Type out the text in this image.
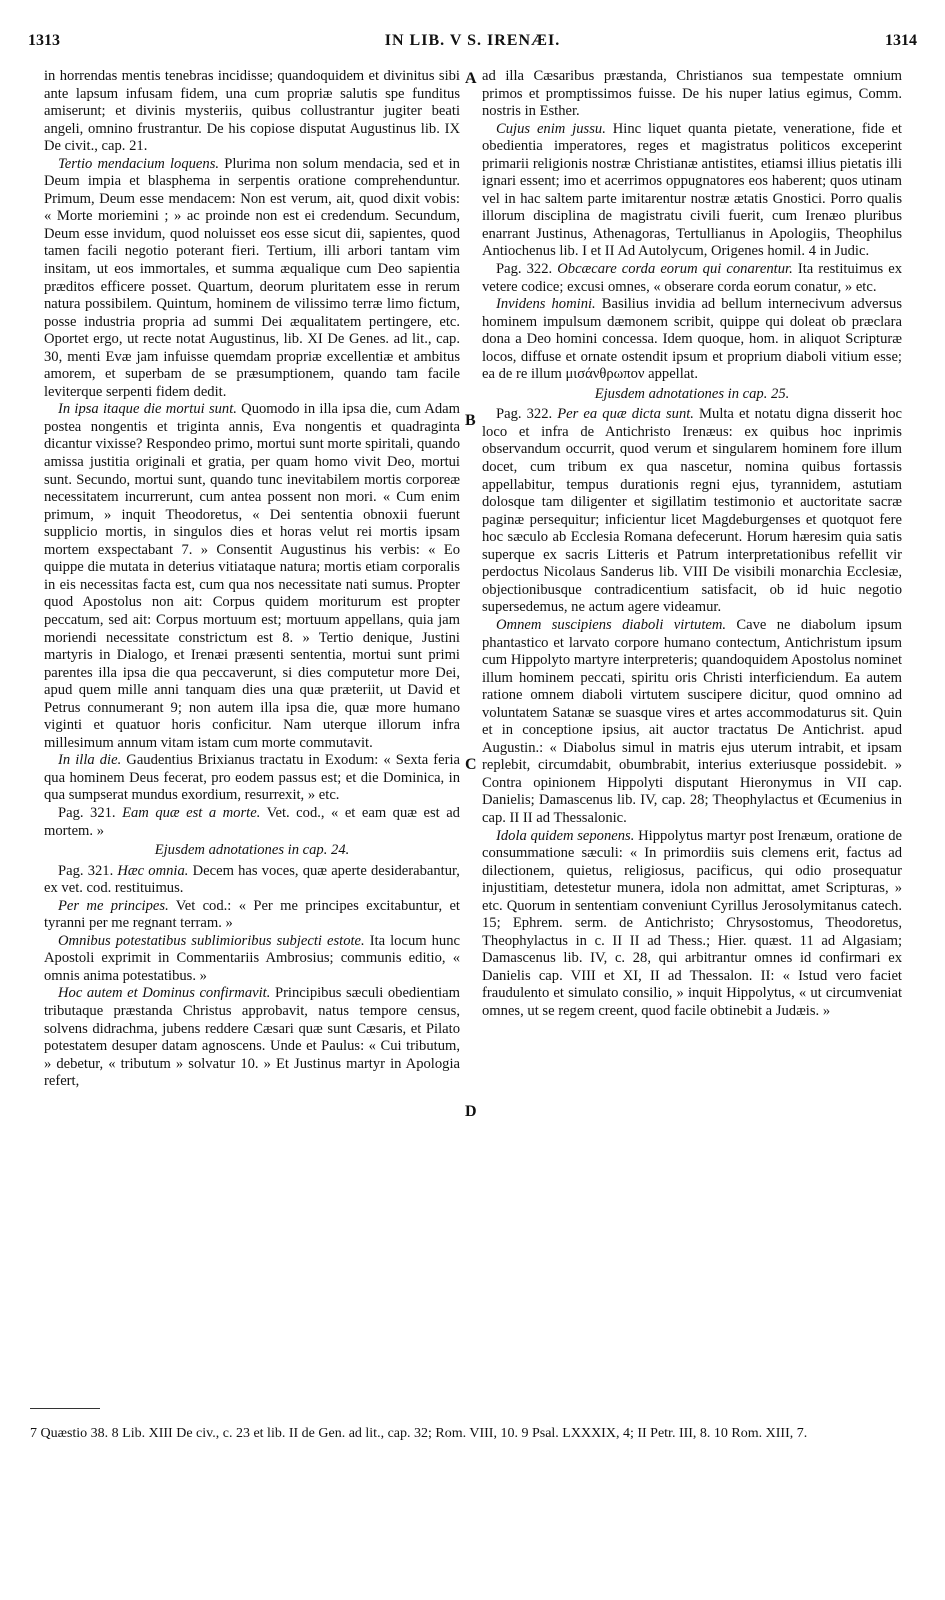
1313	IN LIB. V S. IRENÆI.	1314
A
B
C
D

in horrendas mentis tenebras incidisse; quandoquidem et divinitus sibi ante lapsum infusam fidem, una cum propriæ salutis spe funditus amiserunt; et divinis mysteriis, quibus collustrantur jugiter beati angeli, omnino frustrantur. De his copiose disputat Augustinus lib. IX De civit., cap. 21.

Tertio mendacium loquens. Plurima non solum mendacia, sed et in Deum impia et blasphema in serpentis oratione comprehenduntur. Primum, Deum esse mendacem: Non est verum, ait, quod dixit vobis: « Morte moriemini ; » ac proinde non est ei credendum. Secundum, Deum esse invidum, quod noluisset eos esse sicut dii, sapientes, quod tamen facili negotio poterant fieri. Tertium, illi arbori tantam vim insitam, ut eos immortales, et summa æqualique cum Deo sapientia præditos efficere posset. Quartum, deorum pluritatem esse in rerum natura possibilem. Quintum, hominem de vilissimo terræ limo fictum, posse industria propria ad summi Dei æqualitatem pertingere, etc. Oportet ergo, ut recte notat Augustinus, lib. XI De Genes. ad lit., cap. 30, menti Evæ jam infuisse quemdam propriæ excellentiæ et ambitus amorem, et superbam de se præsumptionem, quando tam facile leviterque serpenti fidem dedit.

In ipsa itaque die mortui sunt. Quomodo in illa ipsa die, cum Adam postea nongentis et triginta annis, Eva nongentis et quadraginta dicantur vixisse? Respondeo primo, mortui sunt morte spiritali, quando amissa justitia originali et gratia, per quam homo vivit Deo, mortui sunt. Secundo, mortui sunt, quando tunc inevitabilem mortis corporeæ necessitatem incurrerunt, cum antea possent non mori. « Cum enim primum, » inquit Theodoretus, « Dei sententia obnoxii fuerunt supplicio mortis, in singulos dies et horas velut rei mortis ipsam mortem exspectabant 7. » Consentit Augustinus his verbis: « Eo quippe die mutata in deterius vitiataque natura; mortis etiam corporalis in eis necessitas facta est, cum qua nos necessitate nati sumus. Propter quod Apostolus non ait: Corpus quidem moriturum est propter peccatum, sed ait: Corpus mortuum est; mortuum appellans, quia jam moriendi necessitate constrictum est 8. » Tertio denique, Justini martyris in Dialogo, et Irenæi præsenti sententia, mortui sunt primi parentes illa ipsa die qua peccaverunt, si dies computetur more Dei, apud quem mille anni tanquam dies una quæ præteriit, ut David et Petrus connumerant 9; non autem illa ipsa die, quæ more humano viginti et quatuor horis conficitur. Nam uterque illorum infra millesimum annum vitam istam cum morte commutavit.

In illa die. Gaudentius Brixianus tractatu in Exodum: « Sexta feria qua hominem Deus fecerat, pro eodem passus est; et die Dominica, in qua sumpserat mundus exordium, resurrexit, » etc.

Pag. 321. Eam quæ est a morte. Vet. cod., « et eam quæ est ad mortem. »

Ejusdem adnotationes in cap. 24.

Pag. 321. Hæc omnia. Decem has voces, quæ aperte desiderabantur, ex vet. cod. restituimus.

Per me principes. Vet cod.: « Per me principes excitabuntur, et tyranni per me regnant terram. »

Omnibus potestatibus sublimioribus subjecti estote. Ita locum hunc Apostoli exprimit in Commentariis Ambrosius; communis editio, « omnis anima potestatibus. »

Hoc autem et Dominus confirmavit. Principibus sæculi obedientiam tributaque præstanda Christus approbavit, natus tempore census, solvens didrachma, jubens reddere Cæsari quæ sunt Cæsaris, et Pilato potestatem desuper datam agnoscens. Unde et Paulus: « Cui tributum, » debetur, « tributum » solvatur 10. » Et Justinus martyr in Apologia refert,

ad illa Cæsaribus præstanda, Christianos sua tempestate omnium primos et promptissimos fuisse. De his nuper latius egimus, Comm. nostris in Esther.

Cujus enim jussu. Hinc liquet quanta pietate, veneratione, fide et obedientia imperatores, reges et magistratus politicos exceperint primarii religionis nostræ Christianæ antistites, etiamsi illius pietatis illi ignari essent; imo et acerrimos oppugnatores eos haberent; quos utinam vel in hac saltem parte imitarentur nostræ ætatis Gnostici. Porro qualis illorum disciplina de magistratu civili fuerit, cum Irenæo pluribus enarrant Justinus, Athenagoras, Tertullianus in Apologiis, Theophilus Antiochenus lib. I et II Ad Autolycum, Origenes homil. 4 in Judic.

Pag. 322. Obcæcare corda eorum qui conarentur. Ita restituimus ex vetere codice; excusi omnes, « obserare corda eorum conatur, » etc.

Invidens homini. Basilius invidia ad bellum internecivum adversus hominem impulsum dæmonem scribit, quippe qui doleat ob præclara dona a Deo homini concessa. Idem quoque, hom. in aliquot Scripturæ locos, diffuse et ornate ostendit ipsum et proprium diaboli vitium esse; ea de re illum μισάνθρωπον appellat.

Ejusdem adnotationes in cap. 25.

Pag. 322. Per ea quæ dicta sunt. Multa et notatu digna disserit hoc loco et infra de Antichristo Irenæus: ex quibus hoc inprimis observandum occurrit, quod verum et singularem hominem fore illum docet, cum tribum ex qua nascetur, nomina quibus fortassis appellabitur, tempus durationis regni ejus, tyrannidem, astutiam dolosque tam diligenter et sigillatim testimonio et auctoritate sacræ paginæ persequitur; inficientur licet Magdeburgenses et quotquot fere hoc sæculo ab Ecclesia Romana defecerunt. Horum hæresim quia satis superque ex sacris Litteris et Patrum interpretationibus refellit vir perdoctus Nicolaus Sanderus lib. VIII De visibili monarchia Ecclesiæ, objectionibusque contradicentium satisfacit, ob id huic negotio supersedemus, ne actum agere videamur.

Omnem suscipiens diaboli virtutem. Cave ne diabolum ipsum phantastico et larvato corpore humano contectum, Antichristum ipsum cum Hippolyto martyre interpreteris; quandoquidem Apostolus nominet illum hominem peccati, spiritu oris Christi interficiendum. Ea autem ratione omnem diaboli virtutem suscipere dicitur, quod omnino ad voluntatem Satanæ se suasque vires et artes accommodaturus sit. Quin et in conceptione ipsius, ait auctor tractatus De Antichrist. apud Augustin.: « Diabolus simul in matris ejus uterum intrabit, et ipsam replebit, circumdabit, obumbrabit, interius exteriusque possidebit. » Contra opinionem Hippolyti disputant Hieronymus in VII cap. Danielis; Damascenus lib. IV, cap. 28; Theophylactus et Œcumenius in cap. II II ad Thessalonic.

Idola quidem seponens. Hippolytus martyr post Irenæum, oratione de consummatione sæculi: « In primordiis suis clemens erit, factus ad dilectionem, quietus, religiosus, pacificus, qui odio prosequatur injustitiam, detestetur munera, idola non admittat, amet Scripturas, » etc. Quorum in sententiam conveniunt Cyrillus Jerosolymitanus catech. 15; Ephrem. serm. de Antichristo; Chrysostomus, Theodoretus, Theophylactus in c. II II ad Thess.; Hier. quæst. 11 ad Algasiam; Damascenus lib. IV, c. 28, qui arbitrantur omnes id confirmari ex Danielis cap. VIII et XI, II ad Thessalon. II: « Istud vero faciet fraudulento et simulato consilio, » inquit Hippolytus, « ut circumveniat omnes, ut se regem creent, quod facile obtinebit a Judæis. »

7 Quæstio 38. 8 Lib. XIII De civ., c. 23 et lib. II de Gen. ad lit., cap. 32; Rom. VIII, 10. 9 Psal. LXXXIX, 4; II Petr. III, 8. 10 Rom. XIII, 7.
